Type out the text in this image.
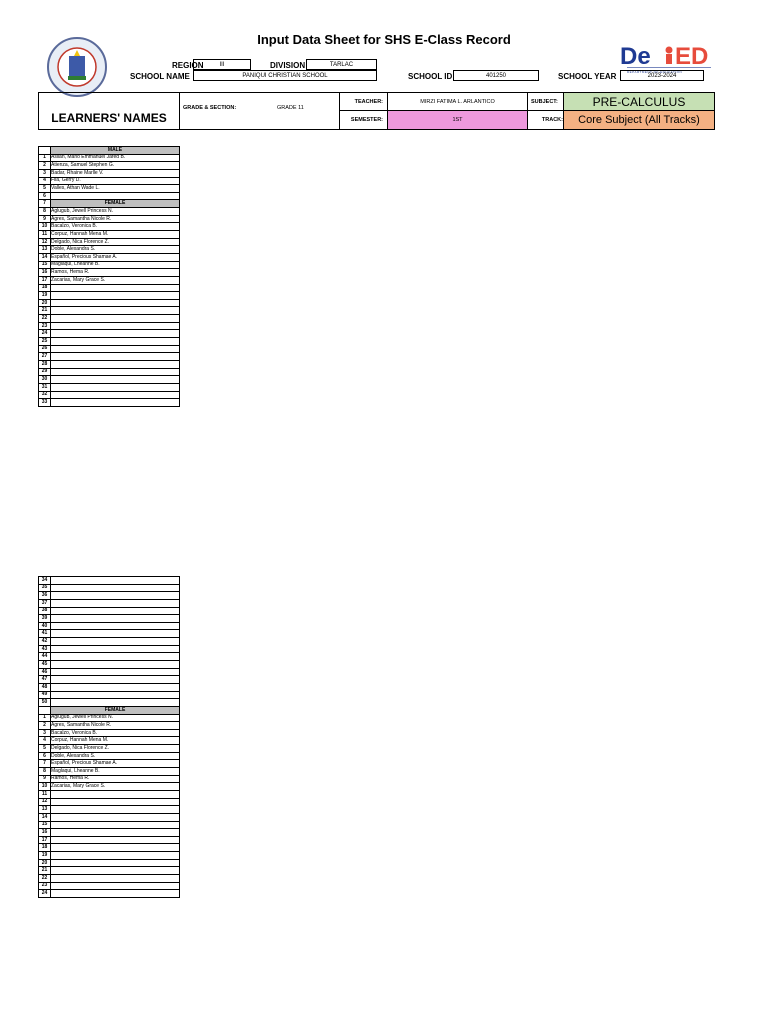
Input Data Sheet for SHS E-Class Record
De ED
DEPARTMENT OF EDUCATION
REGION	III	DIVISION	TARLAC
SCHOOL NAME	PANIQUI CHRISTIAN SCHOOL	SCHOOL ID	401250	SCHOOL YEAR	2023-2024
LEARNERS' NAMES
GRADE & SECTION:	GRADE 11
TEACHER:	MIRZI FATIMA L. ARLANTICO
SEMESTER:	1ST
SUBJECT:	PRE-CALCULUS
TRACK:	Core Subject (All Tracks)
	MALE
1	Asilan, Mario Emmanuel Jared B.
2	Atienza, Samuel Stephen G.
3	Badar, Rhaine Marlle V.
4	Fila, Gerry D.
5	Valles, Athan Wade L.
6	
7	FEMALE
8	Aglugub, Jewell Princess N.
9	Agres, Samantha Nicole R.
10	Bacalzo, Veronica B.
11	Corpuz, Hannah Mena M.
12	Delgado, Nica Florence Z.
13	Doble, Alexandra S.
14	Español, Precious Shamae A.
15	Maglaqui, Lheanne B.
16	Ramos, Hema R.
17	Zacarias, Mary Grace S.
18	
19	
20	
21	
22	
23	
24	
25	
26	
27	
28	
29	
30	
31	
32	
33	
34	
35	
36	
37	
38	
39	
40	
41	
42	
43	
44	
45	
46	
47	
48	
49	
50	
	FEMALE
1	Aglugub, Jewell Princess N.
2	Agres, Samantha Nicole R.
3	Bacalzo, Veronica B.
4	Corpuz, Hannah Mena M.
5	Delgado, Nica Florence Z.
6	Doble, Alexandra S.
7	Español, Precious Shamae A.
8	Maglaqui, Lheanne B.
9	Ramos, Hema R.
10	Zacarias, Mary Grace S.
11	
12	
13	
14	
15	
16	
17	
18	
19	
20	
21	
22	
23	
24	
